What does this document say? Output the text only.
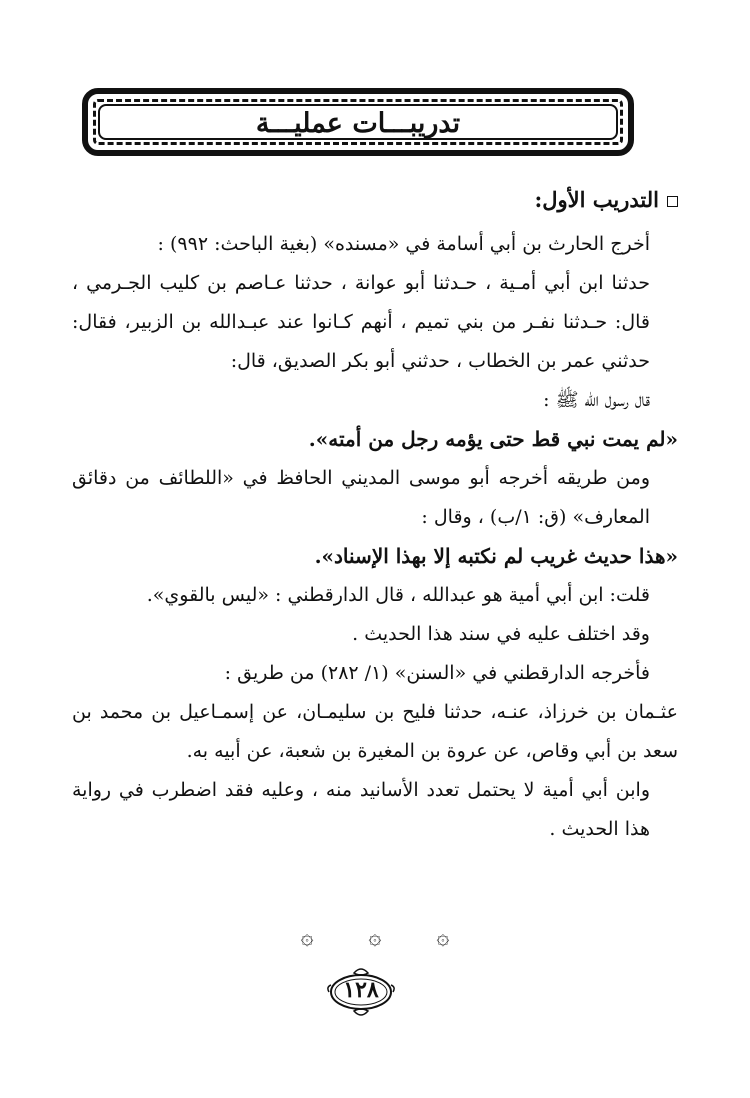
تدريبـــات عمليـــة

التدريب الأول:

أخرج الحارث بن أبي أسامة في «مسنده» (بغية الباحث: ٩٩٢) :

حدثنا ابن أبي أمـية ، حـدثنا أبو عوانة ، حدثنا عـاصم بن كليب الجـرمي ، قال: حـدثنا نفـر من بني تميم ، أنهم كـانوا عند عبـدالله بن الزبير، فقال: حدثني عمر بن الخطاب ، حدثني أبو بكر الصديق، قال:

قال رسول الله ﷺ :

«لم يمت نبي قط حتى يؤمه رجل من أمته».

ومن طريقه أخرجه أبو موسى المديني الحافظ في «اللطائف من دقائق المعارف» (ق: ١/ب) ، وقال :

«هذا حديث غريب لم نكتبه إلا بهذا الإسناد».

قلت: ابن أبي أمية هو عبدالله ، قال الدارقطني : «ليس بالقوي».

وقد اختلف عليه في سند هذا الحديث .

فأخرجه الدارقطني في «السنن» (١/ ٢٨٢) من طريق :

عثـمان بن خرزاذ، عنـه، حدثنا فليح بن سليمـان، عن إسمـاعيل بن محمد بن سعد بن أبي وقاص، عن عروة بن المغيرة بن شعبة، عن أبيه به.

وابن أبي أمية لا يحتمل تعدد الأسانيد منه ، وعليه فقد اضطرب في رواية هذا الحديث .

۞	۞	۞
١٢٨
